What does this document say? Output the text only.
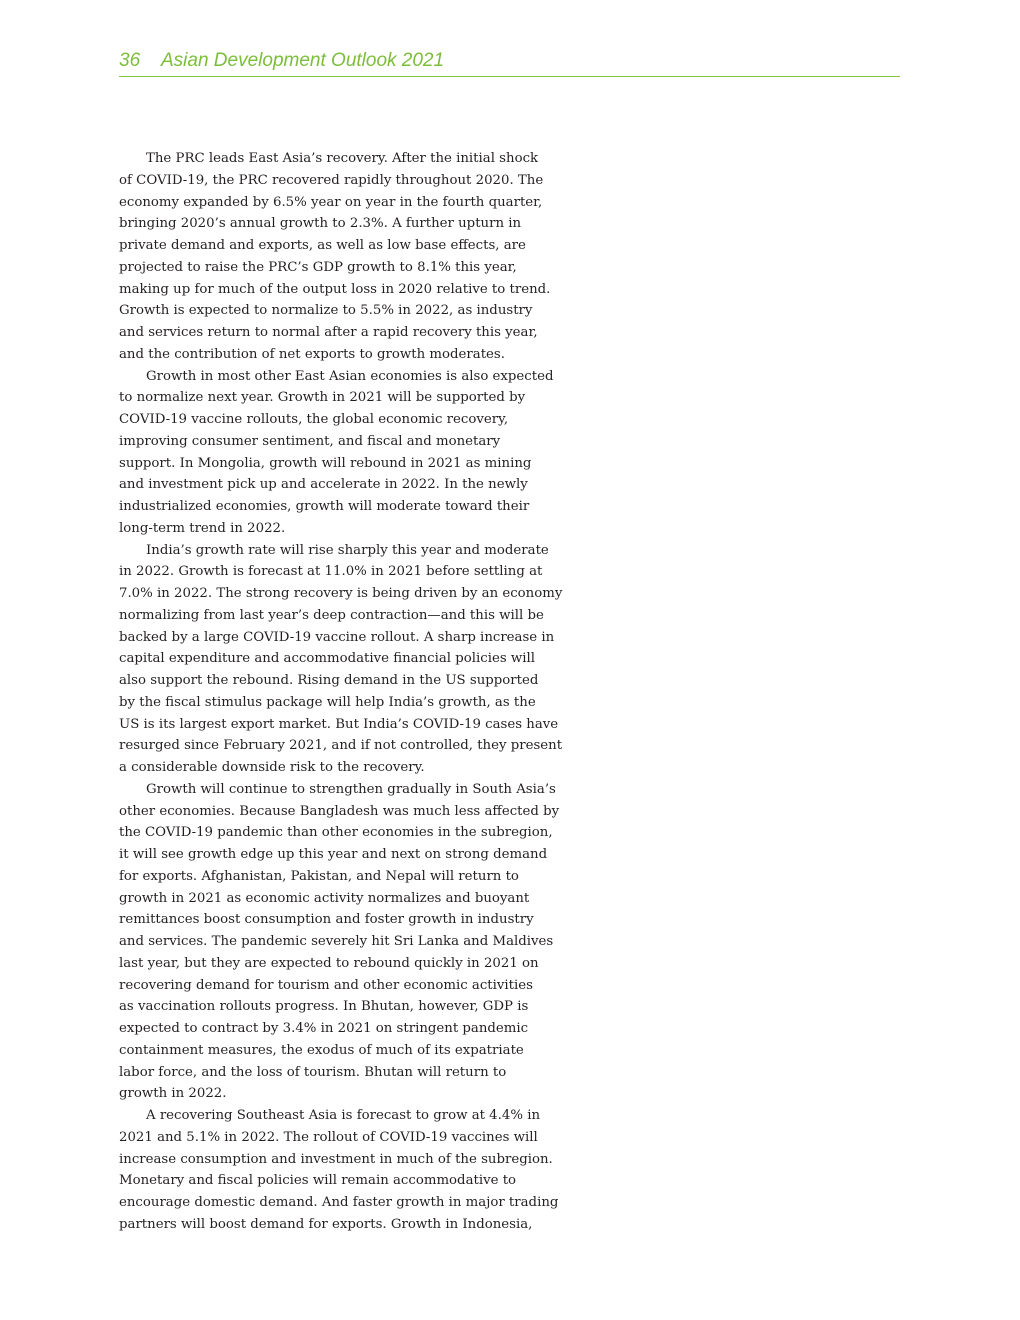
36 Asian Development Outlook 2021

The PRC leads East Asia’s recovery. After the initial shock
of COVID-19, the PRC recovered rapidly throughout 2020. The
economy expanded by 6.5% year on year in the fourth quarter,
bringing 2020’s annual growth to 2.3%. A further upturn in
private demand and exports, as well as low base effects, are
projected to raise the PRC’s GDP growth to 8.1% this year,
making up for much of the output loss in 2020 relative to trend.
Growth is expected to normalize to 5.5% in 2022, as industry
and services return to normal after a rapid recovery this year,
and the contribution of net exports to growth moderates.

Growth in most other East Asian economies is also expected
to normalize next year. Growth in 2021 will be supported by
COVID-19 vaccine rollouts, the global economic recovery,
improving consumer sentiment, and fiscal and monetary
support. In Mongolia, growth will rebound in 2021 as mining
and investment pick up and accelerate in 2022. In the newly
industrialized economies, growth will moderate toward their
long-term trend in 2022.

India’s growth rate will rise sharply this year and moderate
in 2022. Growth is forecast at 11.0% in 2021 before settling at
7.0% in 2022. The strong recovery is being driven by an economy
normalizing from last year’s deep contraction—and this will be
backed by a large COVID-19 vaccine rollout. A sharp increase in
capital expenditure and accommodative financial policies will
also support the rebound. Rising demand in the US supported
by the fiscal stimulus package will help India’s growth, as the
US is its largest export market. But India’s COVID-19 cases have
resurged since February 2021, and if not controlled, they present
a considerable downside risk to the recovery.

Growth will continue to strengthen gradually in South Asia’s
other economies. Because Bangladesh was much less affected by
the COVID-19 pandemic than other economies in the subregion,
it will see growth edge up this year and next on strong demand
for exports. Afghanistan, Pakistan, and Nepal will return to
growth in 2021 as economic activity normalizes and buoyant
remittances boost consumption and foster growth in industry
and services. The pandemic severely hit Sri Lanka and Maldives
last year, but they are expected to rebound quickly in 2021 on
recovering demand for tourism and other economic activities
as vaccination rollouts progress. In Bhutan, however, GDP is
expected to contract by 3.4% in 2021 on stringent pandemic
containment measures, the exodus of much of its expatriate
labor force, and the loss of tourism. Bhutan will return to
growth in 2022.

A recovering Southeast Asia is forecast to grow at 4.4% in
2021 and 5.1% in 2022. The rollout of COVID-19 vaccines will
increase consumption and investment in much of the subregion.
Monetary and fiscal policies will remain accommodative to
encourage domestic demand. And faster growth in major trading
partners will boost demand for exports. Growth in Indonesia,
